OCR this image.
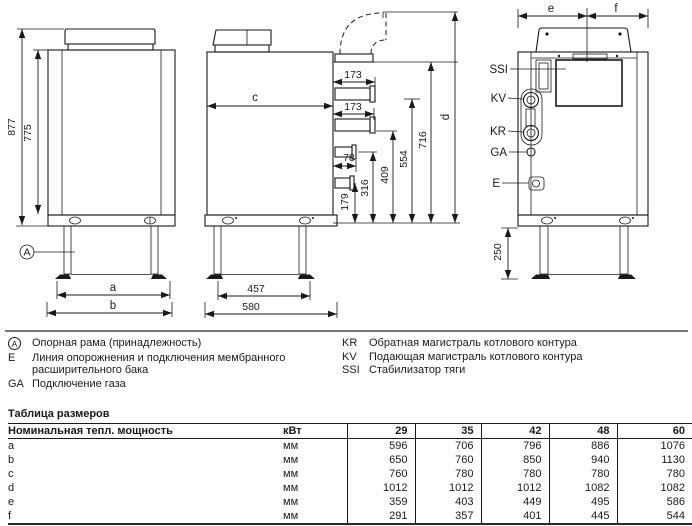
877 775
A
a
b
173
173
78
c
179
316
409
554
716
d
457
580
e	f
SSI
KV
KR
GA
E
250
A	Опорная рама (принадлежность)
E	Линия опорожнения и подключения мембранного расширительного бака
GA Подключение газа
KR	Обратная магистраль котлового контура
KV	Подающая магистраль котлового контура
SSI Стабилизатор тяги
Таблица размеров
Номинальная тепл. мощность	кВт	29	35	42	48	60
a	мм	596	706	796	886	1076
b	мм	650	760	850	940	1130
c	мм	760	780	780	780	780
d	мм	1012	1012	1012	1082	1082
e	мм	359	403	449	495	586
f	мм	291	357	401	445	544
